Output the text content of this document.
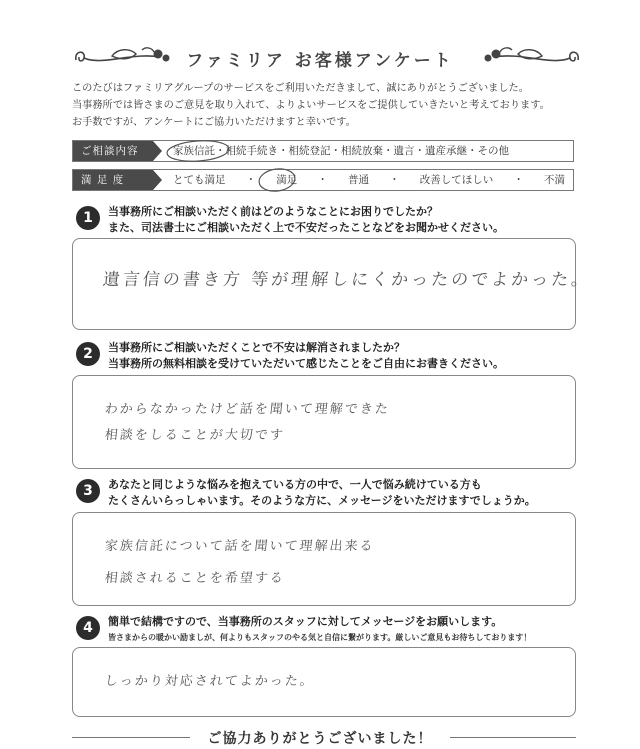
ファミリア お客様アンケート
このたびはファミリアグループのサービスをご利用いただきまして、誠にありがとうございました。
当事務所では皆さまのご意見を取り入れて、よりよいサービスをご提供していきたいと考えております。
お手数ですが、アンケートにご協力いただけますと幸いです。
ご相談内容	家族信託・相続手続き・相続登記・相続放棄・遺言・遺産承継・その他
満 足 度	とても満足 ・ 満足 ・ 普通 ・ 改善してほしい ・ 不満
1	当事務所にご相談いただく前はどのようなことにお困りでしたか？
また、司法書士にご相談いただく上で不安だったことなどをお聞かせください。
遺言信の書き方 等が理解しにくかったのでよかった。
2	当事務所にご相談いただくことで不安は解消されましたか？
当事務所の無料相談を受けていただいて感じたことをご自由にお書きください。
わからなかったけど話を聞いて理解できた
相談をしることが大切です
3	あなたと同じような悩みを抱えている方の中で、一人で悩み続けている方も
たくさんいらっしゃいます。そのような方に、メッセージをいただけますでしょうか。
家族信託について話を聞いて理解出来る
相談されることを希望する
4	簡単で結構ですので、当事務所のスタッフに対してメッセージをお願いします。
皆さまからの暖かい励ましが、何よりもスタッフのやる気と自信に繋がります。厳しいご意見もお待ちしております！
しっかり対応されてよかった。
ご協力ありがとうございました！
